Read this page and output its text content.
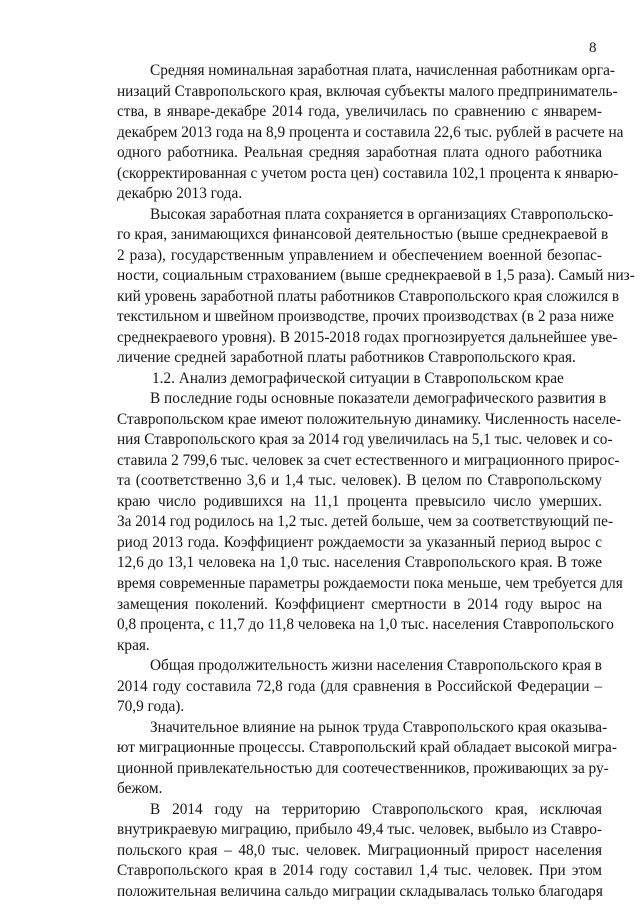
8
Средняя номинальная заработная плата, начисленная работникам орга-
низаций Ставропольского края, включая субъекты малого предприниматель-
ства, в январе-декабре 2014 года, увеличилась по сравнению с январем-
декабрем 2013 года на 8,9 процента и составила 22,6 тыс. рублей в расчете на
одного работника. Реальная средняя заработная плата одного работника
(скорректированная с учетом роста цен) составила 102,1 процента к январю-
декабрю 2013 года.
Высокая заработная плата сохраняется в организациях Ставропольско-
го края, занимающихся финансовой деятельностью (выше среднекраевой в
2 раза), государственным управлением и обеспечением военной безопас-
ности, социальным страхованием (выше среднекраевой в 1,5 раза). Самый низ-
кий уровень заработной платы работников Ставропольского края сложился в
текстильном и швейном производстве, прочих производствах (в 2 раза ниже
среднекраевого уровня). В 2015-2018 годах прогнозируется дальнейшее уве-
личение средней заработной платы работников Ставропольского края.
1.2. Анализ демографической ситуации в Ставропольском крае
В последние годы основные показатели демографического развития в
Ставропольском крае имеют положительную динамику. Численность населе-
ния Ставропольского края за 2014 год увеличилась на 5,1 тыс. человек и со-
ставила 2 799,6 тыс. человек за счет естественного и миграционного прирос-
та (соответственно 3,6 и 1,4 тыс. человек). В целом по Ставропольскому
краю число родившихся на 11,1 процента превысило число умерших.
За 2014 год родилось на 1,2 тыс. детей больше, чем за соответствующий пе-
риод 2013 года. Коэффициент рождаемости за указанный период вырос с
12,6 до 13,1 человека на 1,0 тыс. населения Ставропольского края. В тоже
время современные параметры рождаемости пока меньше, чем требуется для
замещения поколений. Коэффициент смертности в 2014 году вырос на
0,8 процента, с 11,7 до 11,8 человека на 1,0 тыс. населения Ставропольского
края.
Общая продолжительность жизни населения Ставропольского края в
2014 году составила 72,8 года (для сравнения в Российской Федерации –
70,9 года).
Значительное влияние на рынок труда Ставропольского края оказыва-
ют миграционные процессы. Ставропольский край обладает высокой мигра-
ционной привлекательностью для соотечественников, проживающих за ру-
бежом.
В 2014 году на территорию Ставропольского края, исключая
внутрикраевую миграцию, прибыло 49,4 тыс. человек, выбыло из Ставро-
польского края – 48,0 тыс. человек. Миграционный прирост населения
Ставропольского края в 2014 году составил 1,4 тыс. человек. При этом
положительная величина сальдо миграции складывалась только благодаря
